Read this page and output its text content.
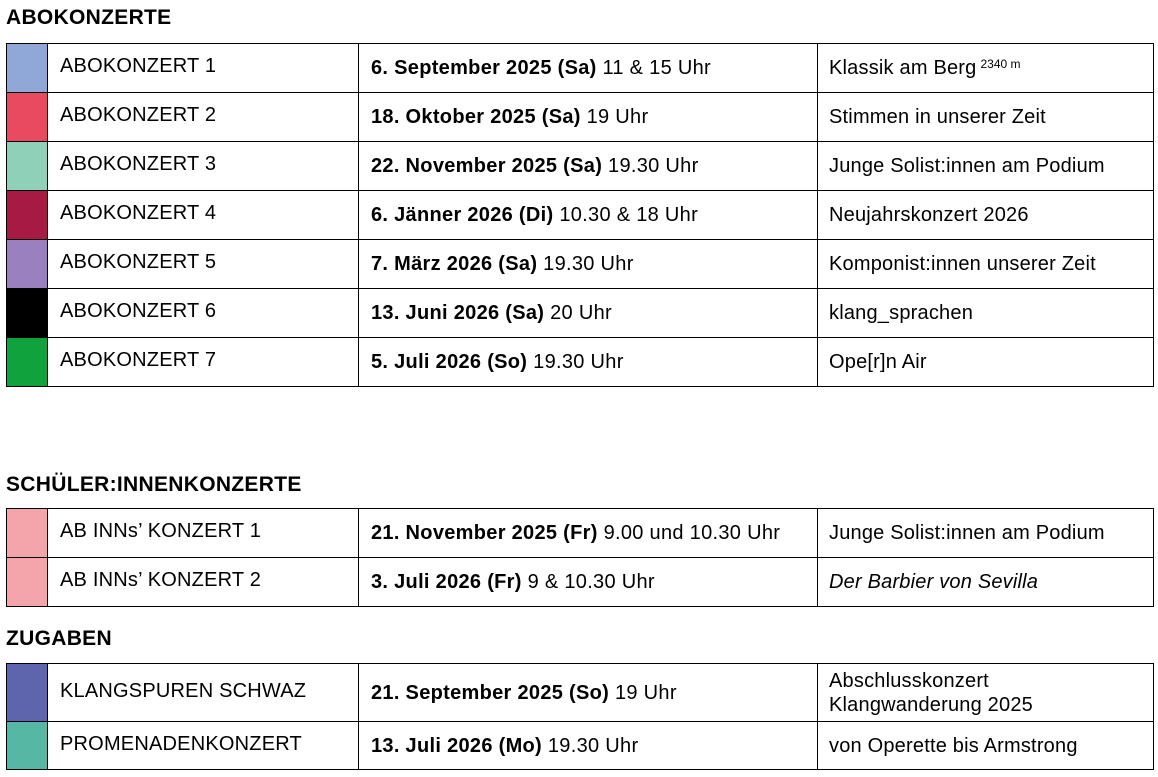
ABOKONZERTE
	ABOKONZERT 1	6. September 2025 (Sa) 11 & 15 Uhr	Klassik am Berg $^{2340 m}$
	ABOKONZERT 2	18. Oktober 2025 (Sa) 19 Uhr	Stimmen in unserer Zeit
	ABOKONZERT 3	22. November 2025 (Sa) 19.30 Uhr	Junge Solist:innen am Podium
	ABOKONZERT 4	6. Jänner 2026 (Di) 10.30 & 18 Uhr	Neujahrskonzert 2026
	ABOKONZERT 5	7. März 2026 (Sa) 19.30 Uhr	Komponist:innen unserer Zeit
	ABOKONZERT 6	13. Juni 2026 (Sa) 20 Uhr	klang_sprachen
	ABOKONZERT 7	5. Juli 2026 (So) 19.30 Uhr	Ope[r]n Air
SCHÜLER:INNENKONZERTE
	AB INNs’ KONZERT 1	21. November 2025 (Fr) 9.00 und 10.30 Uhr	Junge Solist:innen am Podium
	AB INNs’ KONZERT 2	3. Juli 2026 (Fr) 9 & 10.30 Uhr	Der Barbier von Sevilla
ZUGABEN
	KLANGSPUREN SCHWAZ	21. September 2025 (So) 19 Uhr	Abschlusskonzert
Klangwanderung 2025

	PROMENADENKONZERT	13. Juli 2026 (Mo) 19.30 Uhr	von Operette bis Armstrong
